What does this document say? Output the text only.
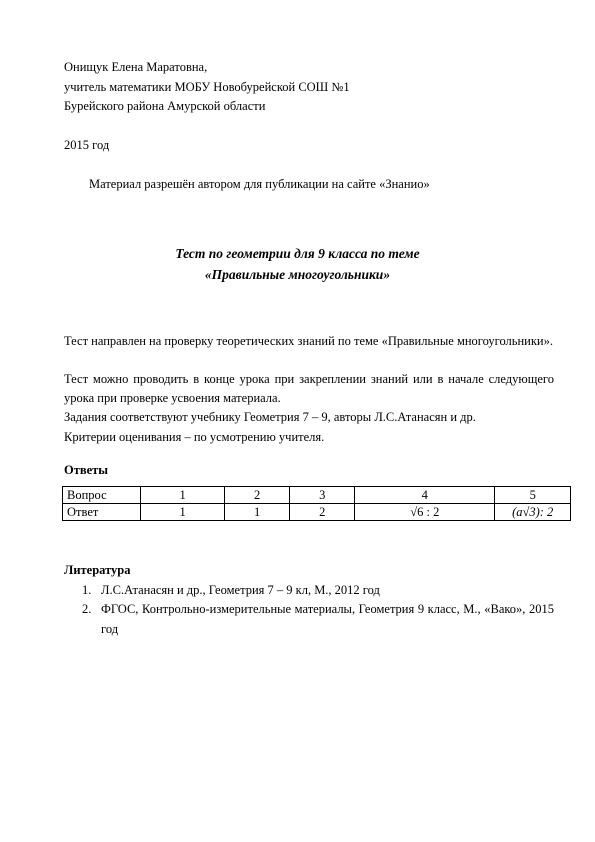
Онищук Елена Маратовна,
учитель математики МОБУ Новобурейской СОШ №1
Бурейского района Амурской области
2015 год
Материал разрешён автором для публикации на сайте «Знанио»
Тест по геометрии для 9 класса по теме
«Правильные многоугольники»
Тест направлен на проверку теоретических знаний по теме «Правильные многоугольники».
Тест можно проводить в конце урока при закреплении знаний или в начале следующего урока при проверке усвоения материала.
Задания соответствуют учебнику Геометрия 7 – 9, авторы Л.С.Атанасян и др.
Критерии оценивания – по усмотрению учителя.
Ответы
Вопрос	1	2	3	4	5
Ответ	1	1	2	√6 : 2	(a√3): 2
Литература
1. Л.С.Атанасян и др., Геометрия 7 – 9 кл, М., 2012 год
2. ФГОС, Контрольно-измерительные материалы, Геометрия 9 класс, М., «Вако», 2015 год
